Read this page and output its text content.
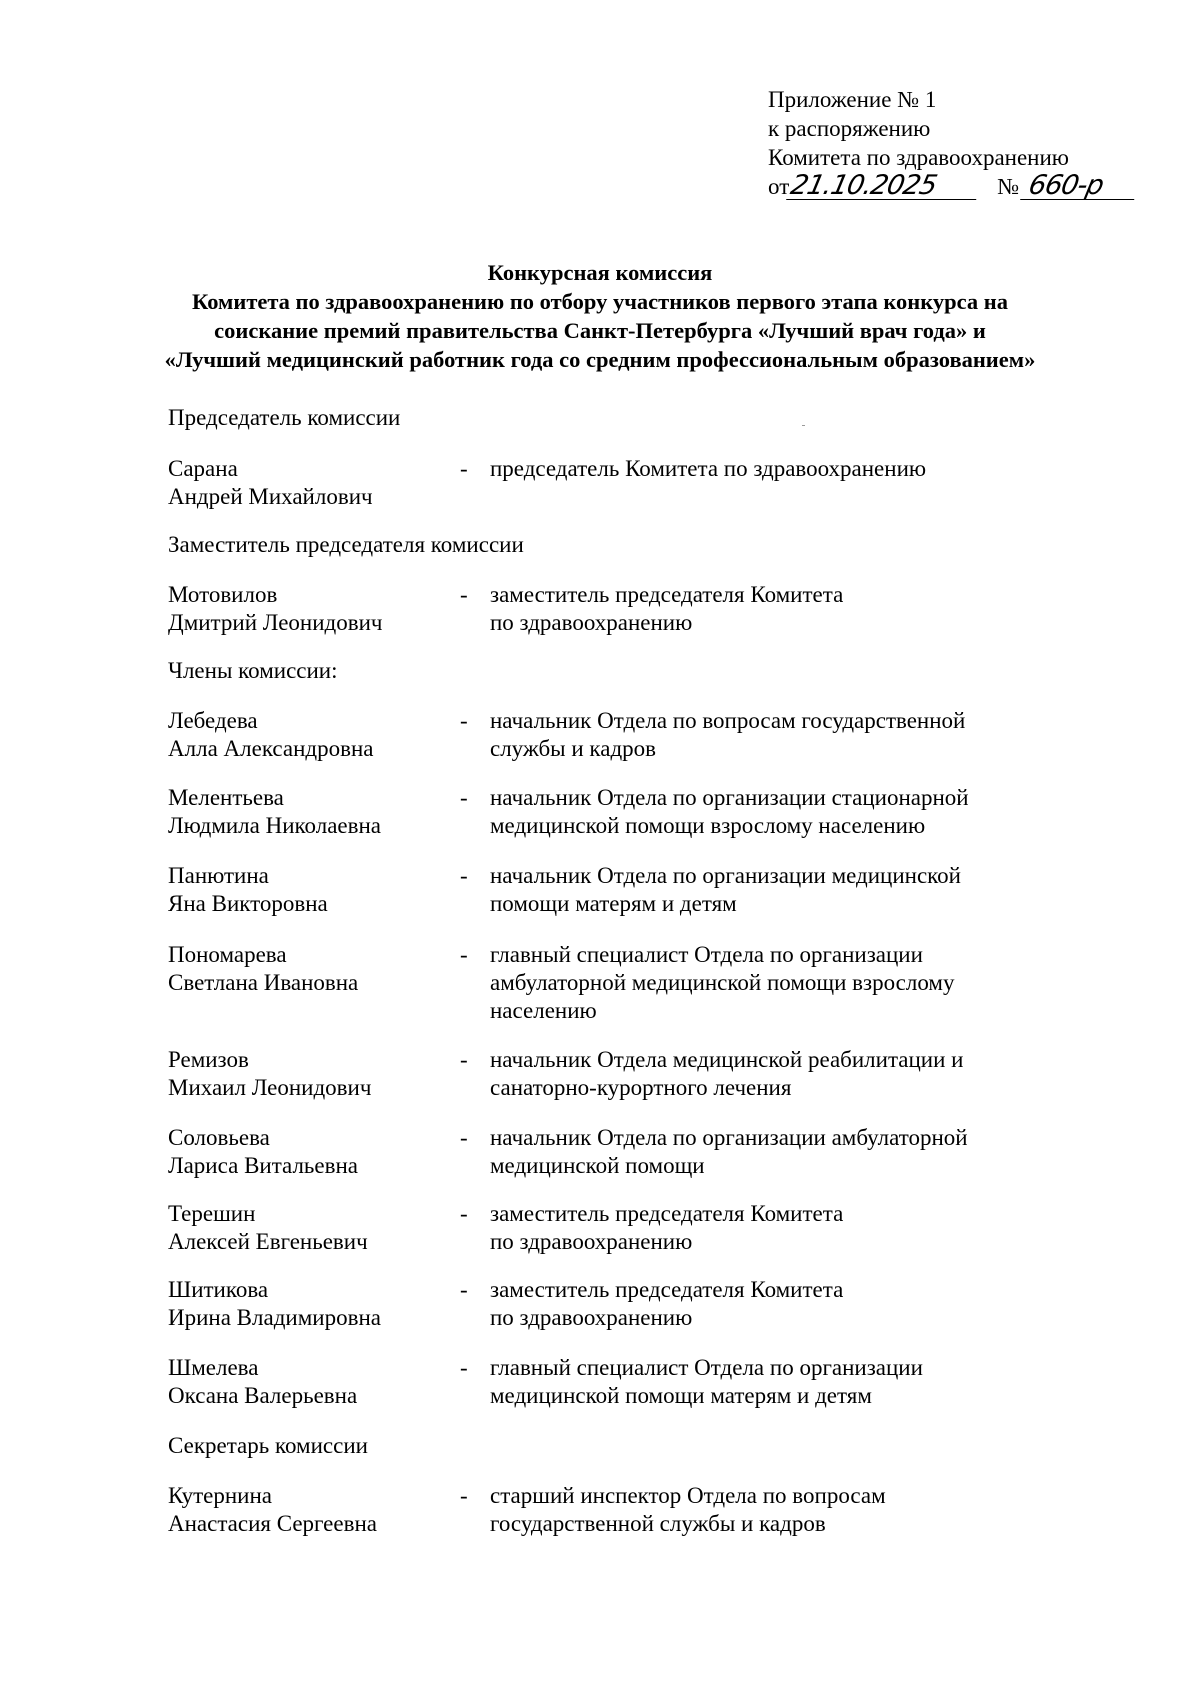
Приложение № 1
к распоряжению
Комитета по здравоохранению
от21.10.2025	№ 660-р
Конкурсная комиссия
Комитета по здравоохранению по отбору участников первого этапа конкурса на
соискание премий правительства Санкт-Петербурга «Лучший врач года» и
«Лучший медицинский работник года со средним профессиональным образованием»
Председатель комиссии
Сарана
Андрей Михайлович
- председатель Комитета по здравоохранению
Заместитель председателя комиссии
Мотовилов
Дмитрий Леонидович
- заместитель председателя Комитета
по здравоохранению
Члены комиссии:
Лебедева
Алла Александровна
- начальник Отдела по вопросам государственной
службы и кадров
Мелентьева
Людмила Николаевна
- начальник Отдела по организации стационарной
медицинской помощи взрослому населению
Панютина
Яна Викторовна
- начальник Отдела по организации медицинской
помощи матерям и детям
Пономарева
Светлана Ивановна
- главный специалист Отдела по организации
амбулаторной медицинской помощи взрослому
населению
Ремизов
Михаил Леонидович
- начальник Отдела медицинской реабилитации и
санаторно-курортного лечения
Соловьева
Лариса Витальевна
- начальник Отдела по организации амбулаторной
медицинской помощи
Терешин
Алексей Евгеньевич
- заместитель председателя Комитета
по здравоохранению
Шитикова
Ирина Владимировна
- заместитель председателя Комитета
по здравоохранению
Шмелева
Оксана Валерьевна
- главный специалист Отдела по организации
медицинской помощи матерям и детям
Секретарь комиссии
Кутернина
Анастасия Сергеевна
- старший инспектор Отдела по вопросам
государственной службы и кадров
